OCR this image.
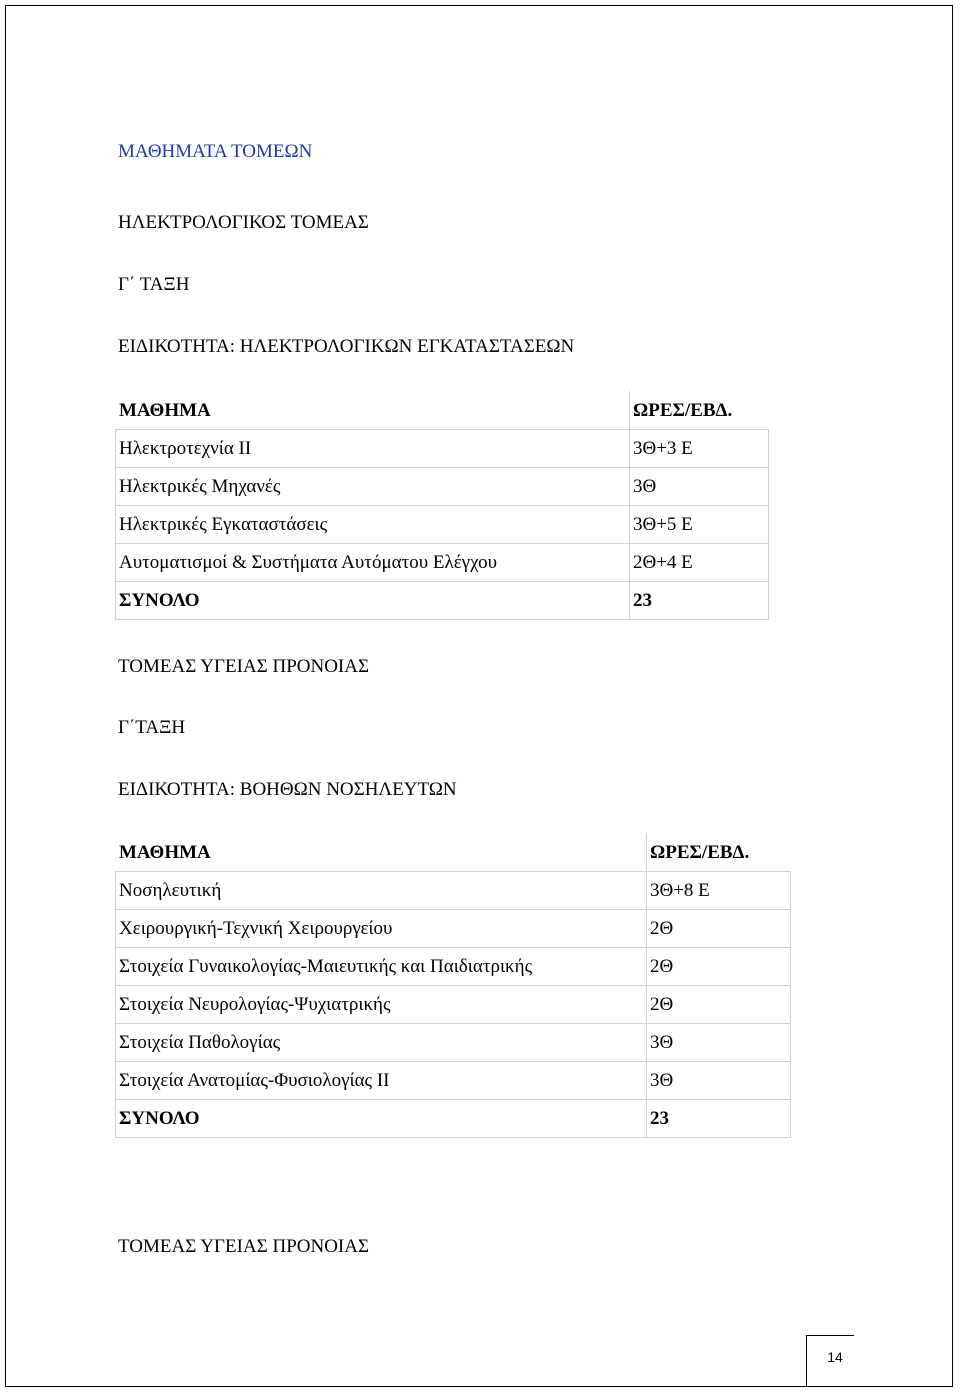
ΜΑΘΗΜΑΤΑ ΤΟΜΕΩΝ
ΗΛΕΚΤΡΟΛΟΓΙΚΟΣ ΤΟΜΕΑΣ
Γ΄ ΤΑΞΗ
ΕΙΔΙΚΟΤΗΤΑ: ΗΛΕΚΤΡΟΛΟΓΙΚΩΝ ΕΓΚΑΤΑΣΤΑΣΕΩΝ
ΜΑΘΗΜΑ	ΩΡΕΣ/ΕΒΔ.
Ηλεκτροτεχνία ΙΙ	3Θ+3 Ε
Ηλεκτρικές Μηχανές	3Θ
Ηλεκτρικές Εγκαταστάσεις	3Θ+5 Ε
Αυτοματισμοί & Συστήματα Αυτόματου Ελέγχου	2Θ+4 Ε
ΣΥΝΟΛΟ	23
ΤΟΜΕΑΣ ΥΓΕΙΑΣ ΠΡΟΝΟΙΑΣ
Γ΄ΤΑΞΗ
ΕΙΔΙΚΟΤΗΤΑ: ΒΟΗΘΩΝ ΝΟΣΗΛΕΥΤΩΝ
ΜΑΘΗΜΑ	ΩΡΕΣ/ΕΒΔ.
Νοσηλευτική	3Θ+8 Ε
Χειρουργική-Τεχνική Χειρουργείου	2Θ
Στοιχεία Γυναικολογίας-Μαιευτικής και Παιδιατρικής	2Θ
Στοιχεία Νευρολογίας-Ψυχιατρικής	2Θ
Στοιχεία Παθολογίας	3Θ
Στοιχεία Ανατομίας-Φυσιολογίας ΙΙ	3Θ
ΣΥΝΟΛΟ	23
ΤΟΜΕΑΣ ΥΓΕΙΑΣ ΠΡΟΝΟΙΑΣ
14
